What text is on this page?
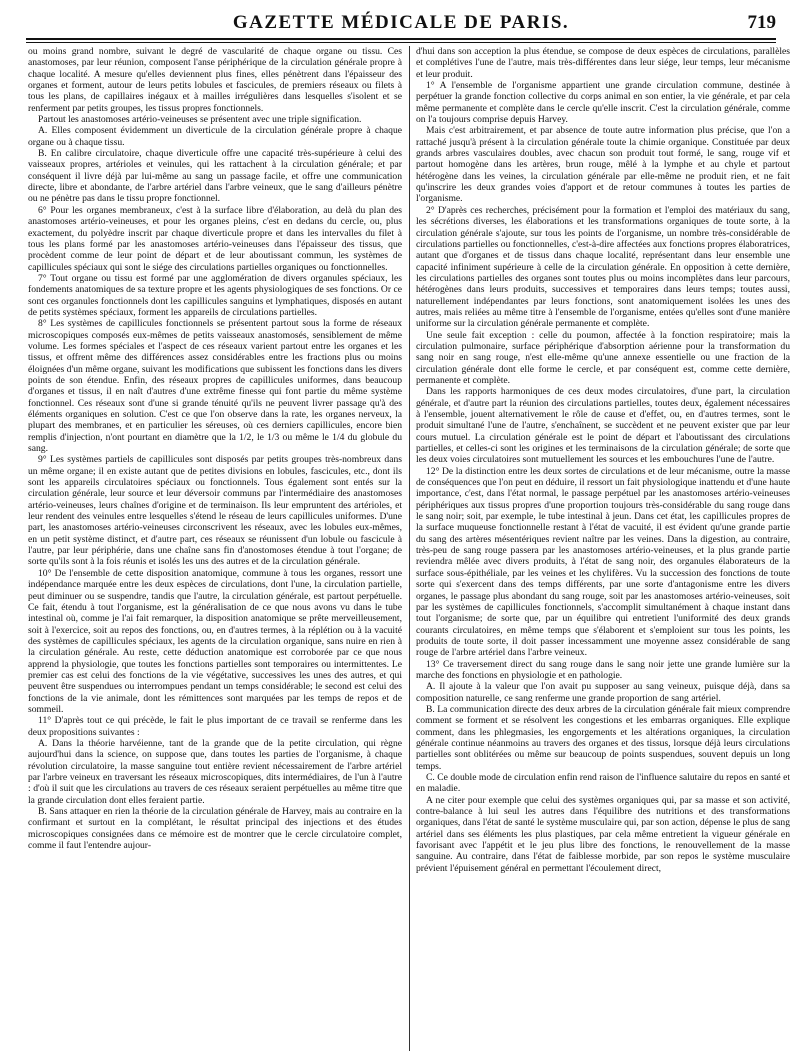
GAZETTE MÉDICALE DE PARIS.	719

ou moins grand nombre, suivant le degré de vascularité de chaque organe ou tissu. Ces anastomoses, par leur réunion, composent l'anse périphérique de la circulation générale propre à chaque localité. A mesure qu'elles deviennent plus fines, elles pénètrent dans l'épaisseur des organes et forment, autour de leurs petits lobules et fascicules, de premiers réseaux ou filets à tous les plans, de capillaires inégaux et à mailles irrégulières dans lesquelles s'isolent et se renferment par petits groupes, les tissus propres fonctionnels.

Partout les anastomoses artério-veineuses se présentent avec une triple signification.

A. Elles composent évidemment un diverticule de la circulation générale propre à chaque organe ou à chaque tissu.

B. En calibre circulatoire, chaque diverticule offre une capacité très-supérieure à celui des vaisseaux propres, artérioles et veinules, qui les rattachent à la circulation générale; et par conséquent il livre déjà par lui-même au sang un passage facile, et offre une communication directe, libre et abondante, de l'arbre artériel dans l'arbre veineux, que le sang d'ailleurs pénètre ou ne pénètre pas dans le tissu propre fonctionnel.

6° Pour les organes membraneux, c'est à la surface libre d'élaboration, au delà du plan des anastomoses artério-veineuses, et pour les organes pleins, c'est en dedans du cercle, ou, plus exactement, du polyèdre inscrit par chaque diverticule propre et dans les intervalles du filet à tous les plans formé par les anastomoses artério-veineuses dans l'épaisseur des tissus, que procèdent comme de leur point de départ et de leur aboutissant commun, les systèmes de capillicules spéciaux qui sont le siége des circulations partielles organiques ou fonctionnelles.

7° Tout organe ou tissu est formé par une agglomération de divers organules spéciaux, les fondements anatomiques de sa texture propre et les agents physiologiques de ses fonctions. Or ce sont ces organules fonctionnels dont les capillicules sanguins et lymphatiques, disposés en autant de petits systèmes spéciaux, forment les appareils de circulations partielles.

8° Les systèmes de capillicules fonctionnels se présentent partout sous la forme de réseaux microscopiques composés eux-mêmes de petits vaisseaux anastomosés, sensiblement de même volume. Les formes spéciales et l'aspect de ces réseaux varient partout entre les organes et les tissus, et offrent même des différences assez considérables entre les fractions plus ou moins éloignées d'un même organe, suivant les modifications que subissent les fonctions dans les divers points de son étendue. Enfin, des réseaux propres de capillicules uniformes, dans beaucoup d'organes et tissus, il en naît d'autres d'une extrême finesse qui font partie du même système fonctionnel. Ces réseaux sont d'une si grande ténuité qu'ils ne peuvent livrer passage qu'à des éléments organiques en solution. C'est ce que l'on observe dans la rate, les organes nerveux, la plupart des membranes, et en particulier les séreuses, où ces derniers capillicules, encore bien remplis d'injection, n'ont pourtant en diamètre que la 1/2, le 1/3 ou même le 1/4 du globule du sang.

9° Les systèmes partiels de capillicules sont disposés par petits groupes très-nombreux dans un même organe; il en existe autant que de petites divisions en lobules, fascicules, etc., dont ils sont les appareils circulatoires spéciaux ou fonctionnels. Tous également sont entés sur la circulation générale, leur source et leur déversoir communs par l'intermédiaire des anastomoses artério-veineuses, leurs chaînes d'origine et de terminaison. Ils leur empruntent des artérioles, et leur rendent des veinules entre lesquelles s'étend le réseau de leurs capillicules uniformes. D'une part, les anastomoses artério-veineuses circonscrivent les réseaux, avec les lobules eux-mêmes, en un petit système distinct, et d'autre part, ces réseaux se réunissent d'un lobule ou fascicule à l'autre, par leur périphérie, dans une chaîne sans fin d'anostomoses étendue à tout l'organe; de sorte qu'ils sont à la fois réunis et isolés les uns des autres et de la circulation générale.

10° De l'ensemble de cette disposition anatomique, commune à tous les organes, ressort une indépendance marquée entre les deux espèces de circulations, dont l'une, la circulation partielle, peut diminuer ou se suspendre, tandis que l'autre, la circulation générale, est partout perpétuelle. Ce fait, étendu à tout l'organisme, est la généralisation de ce que nous avons vu dans le tube intestinal où, comme je l'ai fait remarquer, la disposition anatomique se prête merveilleusement, soit à l'exercice, soit au repos des fonctions, ou, en d'autres termes, à la réplétion ou à la vacuité des systèmes de capillicules spéciaux, les agents de la circulation organique, sans nuire en rien à la circulation générale. Au reste, cette déduction anatomique est corroborée par ce que nous apprend la physiologie, que toutes les fonctions partielles sont temporaires ou intermittentes. Le premier cas est celui des fonctions de la vie végétative, successives les unes des autres, et qui peuvent être suspendues ou interrompues pendant un temps considérable; le second est celui des fonctions de la vie animale, dont les rémittences sont marquées par les temps de repos et de sommeil.

11° D'après tout ce qui précède, le fait le plus important de ce travail se renferme dans les deux propositions suivantes :

A. Dans la théorie harvéienne, tant de la grande que de la petite circulation, qui règne aujourd'hui dans la science, on suppose que, dans toutes les parties de l'organisme, à chaque révolution circulatoire, la masse sanguine tout entière revient nécessairement de l'arbre artériel par l'arbre veineux en traversant les réseaux microscopiques, dits intermédiaires, de l'un à l'autre : d'où il suit que les circulations au travers de ces réseaux seraient perpétuelles au même titre que la grande circulation dont elles feraient partie.

B. Sans attaquer en rien la théorie de la circulation générale de Harvey, mais au contraire en la confirmant et surtout en la complétant, le résultat principal des injections et des études microscopiques consignées dans ce mémoire est de montrer que le cercle circulatoire complet, comme il faut l'entendre aujour-

d'hui dans son acception la plus étendue, se compose de deux espèces de circulations, parallèles et complétives l'une de l'autre, mais très-différentes dans leur siége, leur temps, leur mécanisme et leur produit.

1° A l'ensemble de l'organisme appartient une grande circulation commune, destinée à perpétuer la grande fonction collective du corps animal en son entier, la vie générale, et par cela même permanente et complète dans le cercle qu'elle inscrit. C'est la circulation générale, comme on l'a toujours comprise depuis Harvey.

Mais c'est arbitrairement, et par absence de toute autre information plus précise, que l'on a rattaché jusqu'à présent à la circulation générale toute la chimie organique. Constituée par deux grands arbres vasculaires doubles, avec chacun son produit tout formé, le sang, rouge vif et partout homogène dans les artères, brun rouge, mêlé à la lymphe et au chyle et partout hétérogène dans les veines, la circulation générale par elle-même ne produit rien, et ne fait qu'inscrire les deux grandes voies d'apport et de retour communes à toutes les parties de l'organisme.

2° D'après ces recherches, précisément pour la formation et l'emploi des matériaux du sang, les sécrétions diverses, les élaborations et les transformations organiques de toute sorte, à la circulation générale s'ajoute, sur tous les points de l'organisme, un nombre très-considérable de circulations partielles ou fonctionnelles, c'est-à-dire affectées aux fonctions propres élaboratrices, autant que d'organes et de tissus dans chaque localité, représentant dans leur ensemble une capacité infiniment supérieure à celle de la circulation générale. En opposition à cette dernière, les circulations partielles des organes sont toutes plus ou moins incomplètes dans leur parcours, hétérogènes dans leurs produits, successives et temporaires dans leurs temps; toutes aussi, naturellement indépendantes par leurs fonctions, sont anatomiquement isolées les unes des autres, mais reliées au même titre à l'ensemble de l'organisme, entées qu'elles sont d'une manière uniforme sur la circulation générale permanente et complète.

Une seule fait exception : celle du poumon, affectée à la fonction respiratoire; mais la circulation pulmonaire, surface périphérique d'absorption aérienne pour la transformation du sang noir en sang rouge, n'est elle-même qu'une annexe essentielle ou une fraction de la circulation générale dont elle forme le cercle, et par conséquent est, comme cette dernière, permanente et complète.

Dans les rapports harmoniques de ces deux modes circulatoires, d'une part, la circulation générale, et d'autre part la réunion des circulations partielles, toutes deux, également nécessaires à l'ensemble, jouent alternativement le rôle de cause et d'effet, ou, en d'autres termes, sont le produit simultané l'une de l'autre, s'enchaînent, se succèdent et ne peuvent exister que par leur cours mutuel. La circulation générale est le point de départ et l'aboutissant des circulations partielles, et celles-ci sont les origines et les terminaisons de la circulation générale; de sorte que les deux voies circulatoires sont mutuellement les sources et les embouchures l'une de l'autre.

12° De la distinction entre les deux sortes de circulations et de leur mécanisme, outre la masse de conséquences que l'on peut en déduire, il ressort un fait physiologique inattendu et d'une haute importance, c'est, dans l'état normal, le passage perpétuel par les anastomoses artério-veineuses périphériques aux tissus propres d'une proportion toujours très-considérable du sang rouge dans le sang noir; soit, par exemple, le tube intestinal à jeun. Dans cet état, les capillicules propres de la surface muqueuse fonctionnelle restant à l'état de vacuité, il est évident qu'une grande partie du sang des artères mésentériques revient naître par les veines. Dans la digestion, au contraire, très-peu de sang rouge passera par les anastomoses artério-veineuses, et la plus grande partie reviendra mêlée avec divers produits, à l'état de sang noir, des organules élaborateurs de la surface sous-épithéliale, par les veines et les chylifères. Vu la succession des fonctions de toute sorte qui s'exercent dans des temps différents, par une sorte d'antagonisme entre les divers organes, le passage plus abondant du sang rouge, soit par les anastomoses artério-veineuses, soit par les systèmes de capillicules fonctionnels, s'accomplit simultanément à chaque instant dans tout l'organisme; de sorte que, par un équilibre qui entretient l'uniformité des deux grands courants circulatoires, en même temps que s'élaborent et s'emploient sur tous les points, les produits de toute sorte, il doit passer incessamment une moyenne assez considérable de sang rouge de l'arbre artériel dans l'arbre veineux.

13° Ce traversement direct du sang rouge dans le sang noir jette une grande lumière sur la marche des fonctions en physiologie et en pathologie.

A. Il ajoute à la valeur que l'on avait pu supposer au sang veineux, puisque déjà, dans sa composition naturelle, ce sang renferme une grande proportion de sang artériel.

B. La communication directe des deux arbres de la circulation générale fait mieux comprendre comment se forment et se résolvent les congestions et les embarras organiques. Elle explique comment, dans les phlegmasies, les engorgements et les altérations organiques, la circulation générale continue néanmoins au travers des organes et des tissus, lorsque déjà leurs circulations partielles sont oblitérées ou même sur beaucoup de points suspendues, souvent depuis un long temps.

C. Ce double mode de circulation enfin rend raison de l'influence salutaire du repos en santé et en maladie.

A ne citer pour exemple que celui des systèmes organiques qui, par sa masse et son activité, contre-balance à lui seul les autres dans l'équilibre des nutritions et des transformations organiques, dans l'état de santé le système musculaire qui, par son action, dépense le plus de sang artériel dans ses éléments les plus plastiques, par cela même entretient la vigueur générale en favorisant avec l'appétit et le jeu plus libre des fonctions, le renouvellement de la masse sanguine. Au contraire, dans l'état de faiblesse morbide, par son repos le système musculaire prévient l'épuisement général en permettant l'écoulement direct,
